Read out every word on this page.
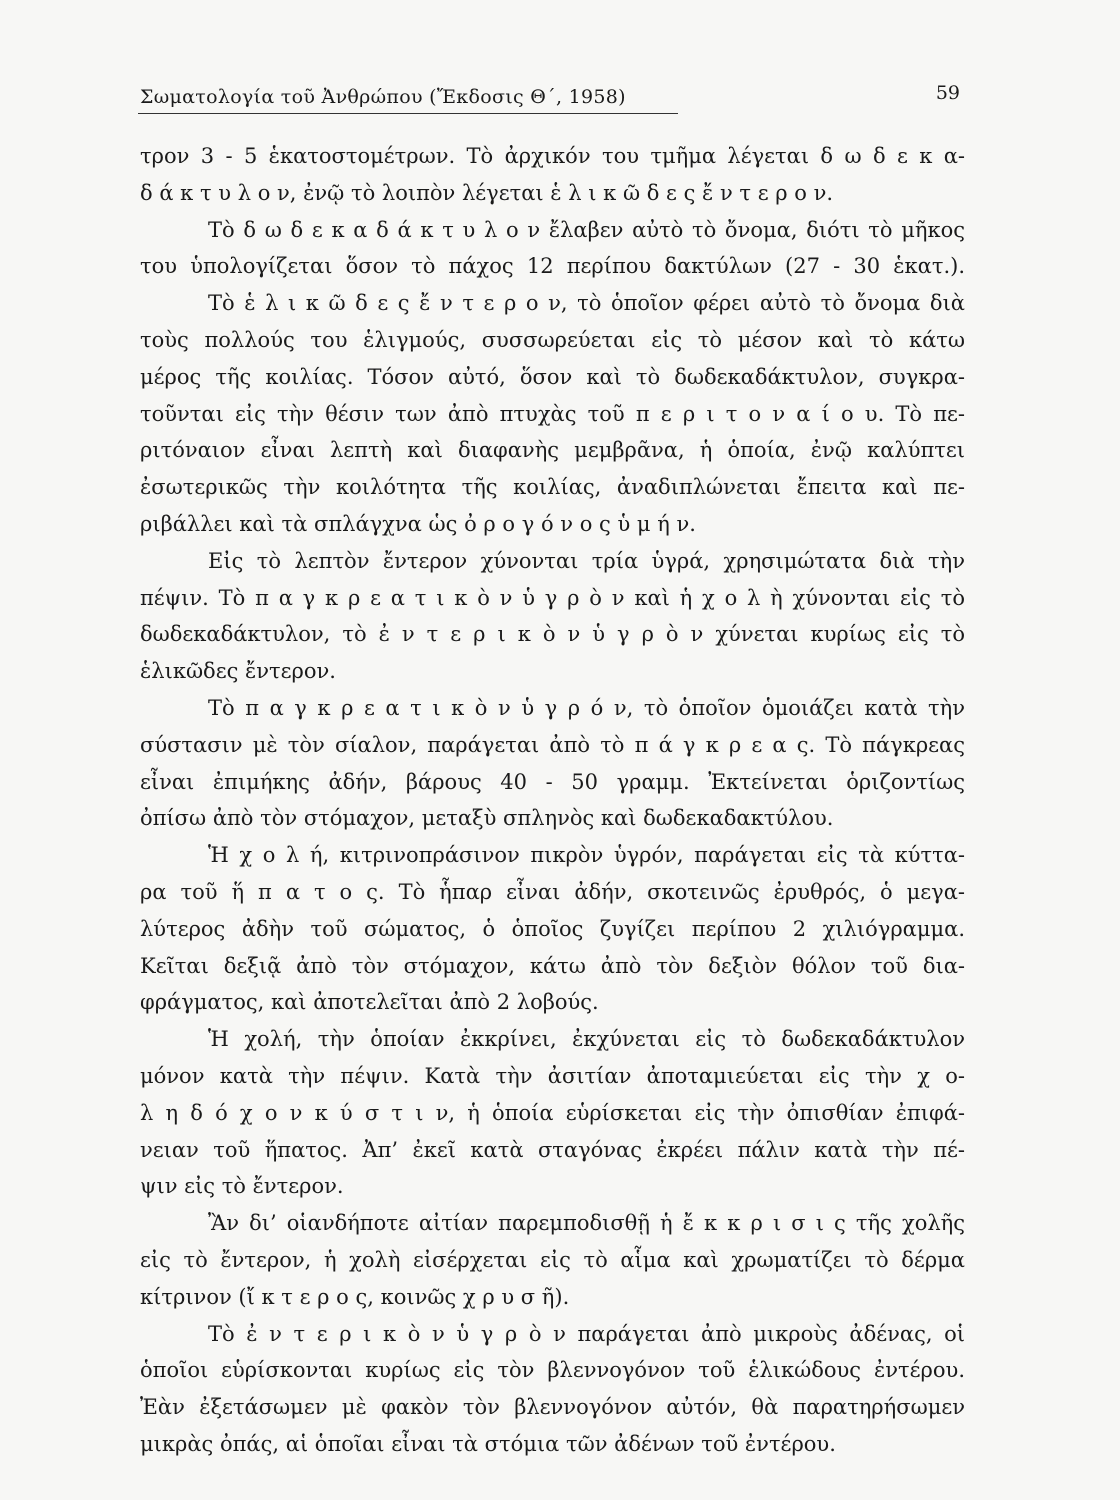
Σωματολογία τοῦ Ἀνθρώπου (Ἔκδοσις Θ΄, 1958)	59
τρον 3 - 5 ἑκατοστομέτρων. Τὸ ἀρχικόν του τμῆμα λέγεται δ ω δ ε κ α-
δ ά κ τ υ λ ο ν, ἐνῷ τὸ λοιπὸν λέγεται ἑ λ ι κ ῶ δ ε ς ἔ ν τ ε ρ ο ν.
Τὸ δ ω δ ε κ α δ ά κ τ υ λ ο ν ἔλαβεν αὐτὸ τὸ ὄνομα, διότι τὸ μῆκος
του ὑπολογίζεται ὅσον τὸ πάχος 12 περίπου δακτύλων (27 - 30 ἑκατ.).
Τὸ ἑ λ ι κ ῶ δ ε ς ἔ ν τ ε ρ ο ν, τὸ ὁποῖον φέρει αὐτὸ τὸ ὄνομα διὰ
τοὺς πολλούς του ἑλιγμούς, συσσωρεύεται εἰς τὸ μέσον καὶ τὸ κάτω
μέρος τῆς κοιλίας. Τόσον αὐτό, ὅσον καὶ τὸ δωδεκαδάκτυλον, συγκρα-
τοῦνται εἰς τὴν θέσιν των ἀπὸ πτυχὰς τοῦ π ε ρ ι τ ο ν α ί ο υ. Τὸ πε-
ριτόναιον εἶναι λεπτὴ καὶ διαφανὴς μεμβρᾶνα, ἡ ὁποία, ἐνῷ καλύπτει
ἐσωτερικῶς τὴν κοιλότητα τῆς κοιλίας, ἀναδιπλώνεται ἔπειτα καὶ πε-
ριβάλλει καὶ τὰ σπλάγχνα ὡς ὀ ρ ο γ ό ν ο ς ὑ μ ή ν.
Εἰς τὸ λεπτὸν ἔντερον χύνονται τρία ὑγρά, χρησιμώτατα διὰ τὴν
πέψιν. Τὸ π α γ κ ρ ε α τ ι κ ὸ ν ὑ γ ρ ὸ ν καὶ ἡ χ ο λ ὴ χύνονται εἰς τὸ
δωδεκαδάκτυλον, τὸ ἐ ν τ ε ρ ι κ ὸ ν ὑ γ ρ ὸ ν χύνεται κυρίως εἰς τὸ
ἑλικῶδες ἔντερον.
Τὸ π α γ κ ρ ε α τ ι κ ὸ ν ὑ γ ρ ό ν, τὸ ὁποῖον ὁμοιάζει κατὰ τὴν
σύστασιν μὲ τὸν σίαλον, παράγεται ἀπὸ τὸ π ά γ κ ρ ε α ς. Τὸ πάγκρεας
εἶναι ἐπιμήκης ἀδήν, βάρους 40 - 50 γραμμ. Ἐκτείνεται ὁριζοντίως
ὀπίσω ἀπὸ τὸν στόμαχον, μεταξὺ σπληνὸς καὶ δωδεκαδακτύλου.
Ἡ χ ο λ ή, κιτρινοπράσινον πικρὸν ὑγρόν, παράγεται εἰς τὰ κύττα-
ρα τοῦ ἥ π α τ ο ς. Τὸ ἧπαρ εἶναι ἀδήν, σκοτεινῶς ἐρυθρός, ὁ μεγα-
λύτερος ἀδὴν τοῦ σώματος, ὁ ὁποῖος ζυγίζει περίπου 2 χιλιόγραμμα.
Κεῖται δεξιᾷ ἀπὸ τὸν στόμαχον, κάτω ἀπὸ τὸν δεξιὸν θόλον τοῦ δια-
φράγματος, καὶ ἀποτελεῖται ἀπὸ 2 λοβούς.
Ἡ χολή, τὴν ὁποίαν ἐκκρίνει, ἐκχύνεται εἰς τὸ δωδεκαδάκτυλον
μόνον κατὰ τὴν πέψιν. Κατὰ τὴν ἀσιτίαν ἀποταμιεύεται εἰς τὴν χ ο-
λ η δ ό χ ο ν κ ύ σ τ ι ν, ἡ ὁποία εὑρίσκεται εἰς τὴν ὀπισθίαν ἐπιφά-
νειαν τοῦ ἥπατος. Ἀπ’ ἐκεῖ κατὰ σταγόνας ἐκρέει πάλιν κατὰ τὴν πέ-
ψιν εἰς τὸ ἔντερον.
Ἂν δι’ οἱανδήποτε αἰτίαν παρεμποδισθῇ ἡ ἔ κ κ ρ ι σ ι ς τῆς χολῆς
εἰς τὸ ἔντερον, ἡ χολὴ εἰσέρχεται εἰς τὸ αἷμα καὶ χρωματίζει τὸ δέρμα
κίτρινον (ἴ κ τ ε ρ ο ς, κοινῶς χ ρ υ σ ῆ).
Τὸ ἐ ν τ ε ρ ι κ ὸ ν ὑ γ ρ ὸ ν παράγεται ἀπὸ μικροὺς ἀδένας, οἱ
ὁποῖοι εὑρίσκονται κυρίως εἰς τὸν βλεννογόνον τοῦ ἑλικώδους ἐντέρου.
Ἐὰν ἐξετάσωμεν μὲ φακὸν τὸν βλεννογόνον αὐτόν, θὰ παρατηρήσωμεν
μικρὰς ὀπάς, αἱ ὁποῖαι εἶναι τὰ στόμια τῶν ἀδένων τοῦ ἐντέρου.
